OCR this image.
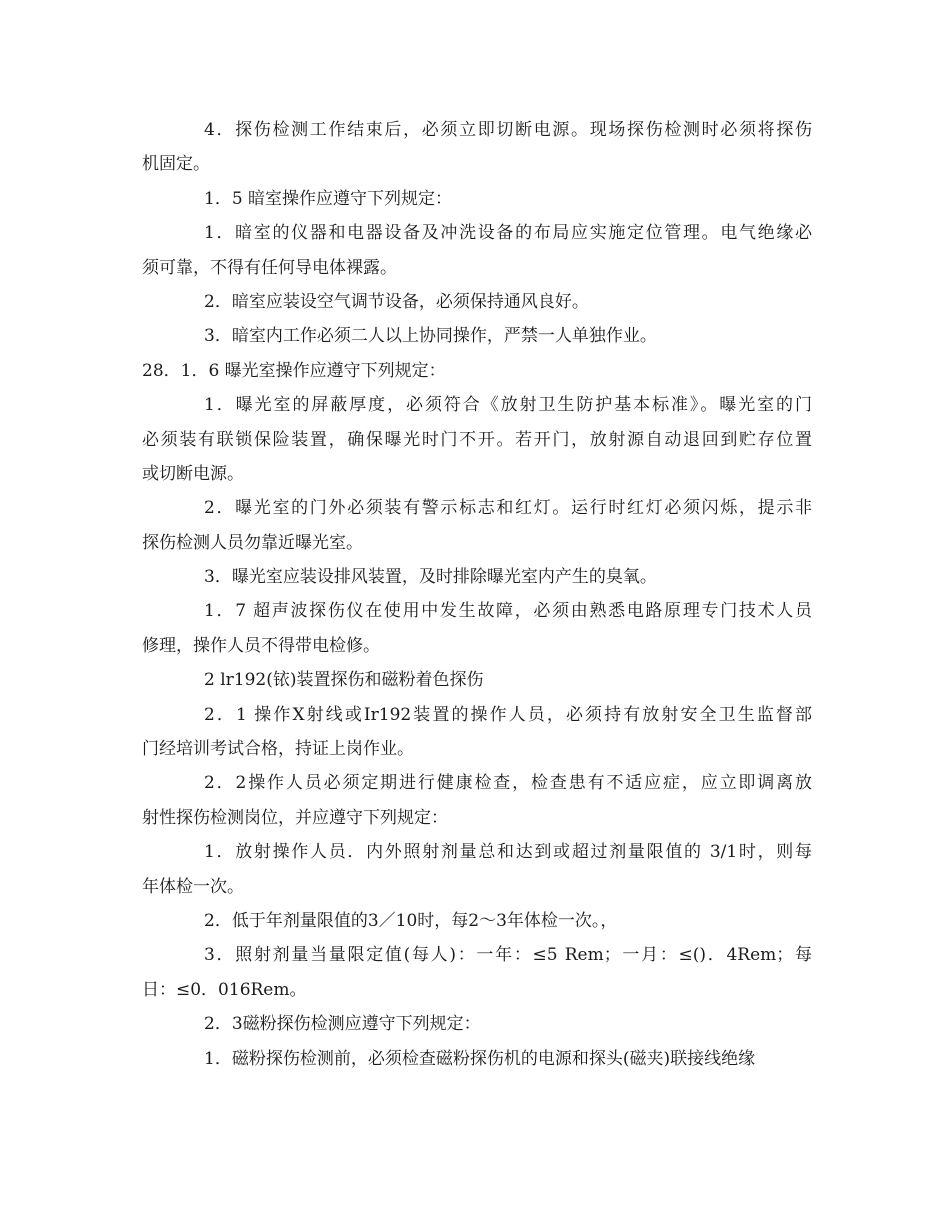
4．探伤检测工作结束后，必须立即切断电源。现场探伤检测时必须将探伤
机固定。
1．5 暗室操作应遵守下列规定：
1．暗室的仪器和电器设备及冲洗设备的布局应实施定位管理。电气绝缘必
须可靠，不得有任何导电体裸露。
2．暗室应装设空气调节设备，必须保持通风良好。
3．暗室内工作必须二人以上协同操作，严禁一人单独作业。
28．1．6 曝光室操作应遵守下列规定：
1．曝光室的屏蔽厚度，必须符合《放射卫生防护基本标准》。曝光室的门
必须装有联锁保险装置，确保曝光时门不开。若开门，放射源自动退回到贮存位置
或切断电源。
2．曝光室的门外必须装有警示标志和红灯。运行时红灯必须闪烁，提示非
探伤检测人员勿靠近曝光室。
3．曝光室应装设排风装置，及时排除曝光室内产生的臭氧。
1．7 超声波探伤仪在使用中发生故障，必须由熟悉电路原理专门技术人员
修理，操作人员不得带电检修。
2 lr192(铱)装置探伤和磁粉着色探伤
2．1 操作X射线或Ir192装置的操作人员，必须持有放射安全卫生监督部
门经培训考试合格，持证上岗作业。
2．2操作人员必须定期进行健康检查，检查患有不适应症，应立即调离放
射性探伤检测岗位，并应遵守下列规定：
1．放射操作人员．内外照射剂量总和达到或超过剂量限值的 3/1时，则每
年体检一次。
2．低于年剂量限值的3／10时，每2～3年体检一次。，
3．照射剂量当量限定值(每人)：一年：≤5 Rem；一月：≤()．4Rem；每
日：≤0．016Rem。
2．3磁粉探伤检测应遵守下列规定：
1．磁粉探伤检测前，必须检查磁粉探伤机的电源和探头(磁夹)联接线绝缘
